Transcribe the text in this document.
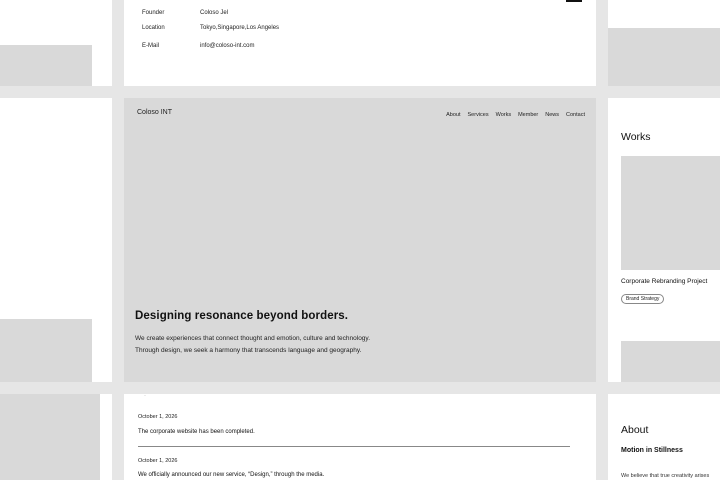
Founder	Coloso Jel
Location	Tokyo,Singapore,Los Angeles
E-Mail	info@coloso-int.com
Coloso INT	About Services Works Member News Contact
Designing resonance beyond borders.
We create experiences that connect thought and emotion, culture and technology.
Through design, we seek a harmony that transcends language and geography.
·
October 1, 2026
The corporate website has been completed.
October 1, 2026
We officially announced our new service, “Design,” through the media.
Works
Corporate Rebranding Project
Brand Strategy
About
Motion in Stillness
We believe that true creativity arises
